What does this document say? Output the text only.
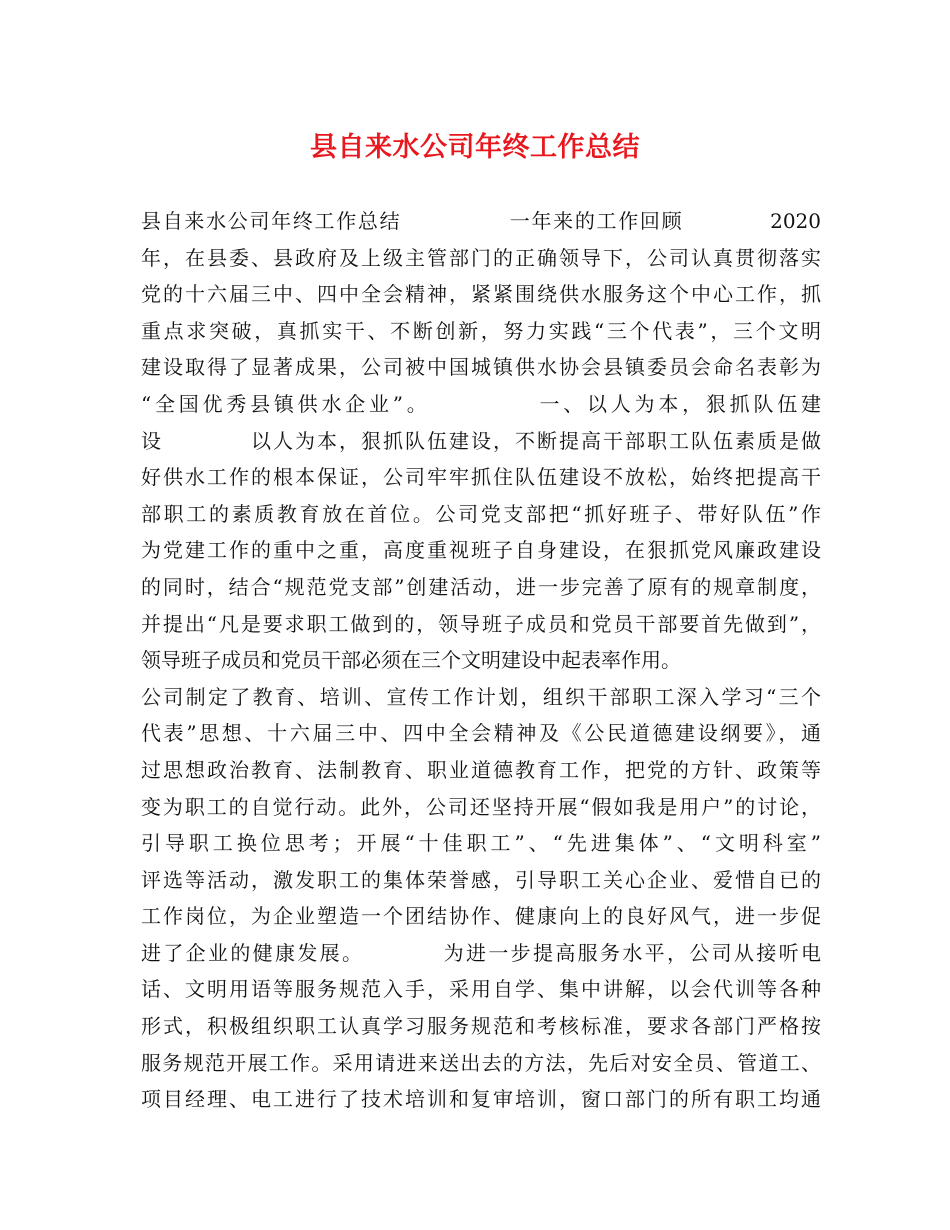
县自来水公司年终工作总结
县自来水公司年终工作总结　　　　　一年来的工作回顾　　　　2020
年，在县委、县政府及上级主管部门的正确领导下，公司认真贯彻落实
党的十六届三中、四中全会精神，紧紧围绕供水服务这个中心工作，抓
重点求突破，真抓实干、不断创新，努力实践“三个代表”，三个文明
建设取得了显著成果，公司被中国城镇供水协会县镇委员会命名表彰为
“全国优秀县镇供水企业”。　　　　　一、以人为本，狠抓队伍建
设　　　　以人为本，狠抓队伍建设，不断提高干部职工队伍素质是做
好供水工作的根本保证，公司牢牢抓住队伍建设不放松，始终把提高干
部职工的素质教育放在首位。公司党支部把“抓好班子、带好队伍”作
为党建工作的重中之重，高度重视班子自身建设，在狠抓党风廉政建设
的同时，结合“规范党支部”创建活动，进一步完善了原有的规章制度，
并提出“凡是要求职工做到的，领导班子成员和党员干部要首先做到”，
领导班子成员和党员干部必须在三个文明建设中起表率作用。
公司制定了教育、培训、宣传工作计划，组织干部职工深入学习“三个
代表”思想、十六届三中、四中全会精神及《公民道德建设纲要》，通
过思想政治教育、法制教育、职业道德教育工作，把党的方针、政策等
变为职工的自觉行动。此外，公司还坚持开展“假如我是用户”的讨论，
引导职工换位思考；开展“十佳职工”、“先进集体”、“文明科室”
评选等活动，激发职工的集体荣誉感，引导职工关心企业、爱惜自已的
工作岗位，为企业塑造一个团结协作、健康向上的良好风气，进一步促
进了企业的健康发展。　　　　为进一步提高服务水平，公司从接听电
话、文明用语等服务规范入手，采用自学、集中讲解，以会代训等各种
形式，积极组织职工认真学习服务规范和考核标准，要求各部门严格按
服务规范开展工作。采用请进来送出去的方法，先后对安全员、管道工、
项目经理、电工进行了技术培训和复审培训，窗口部门的所有职工均通
